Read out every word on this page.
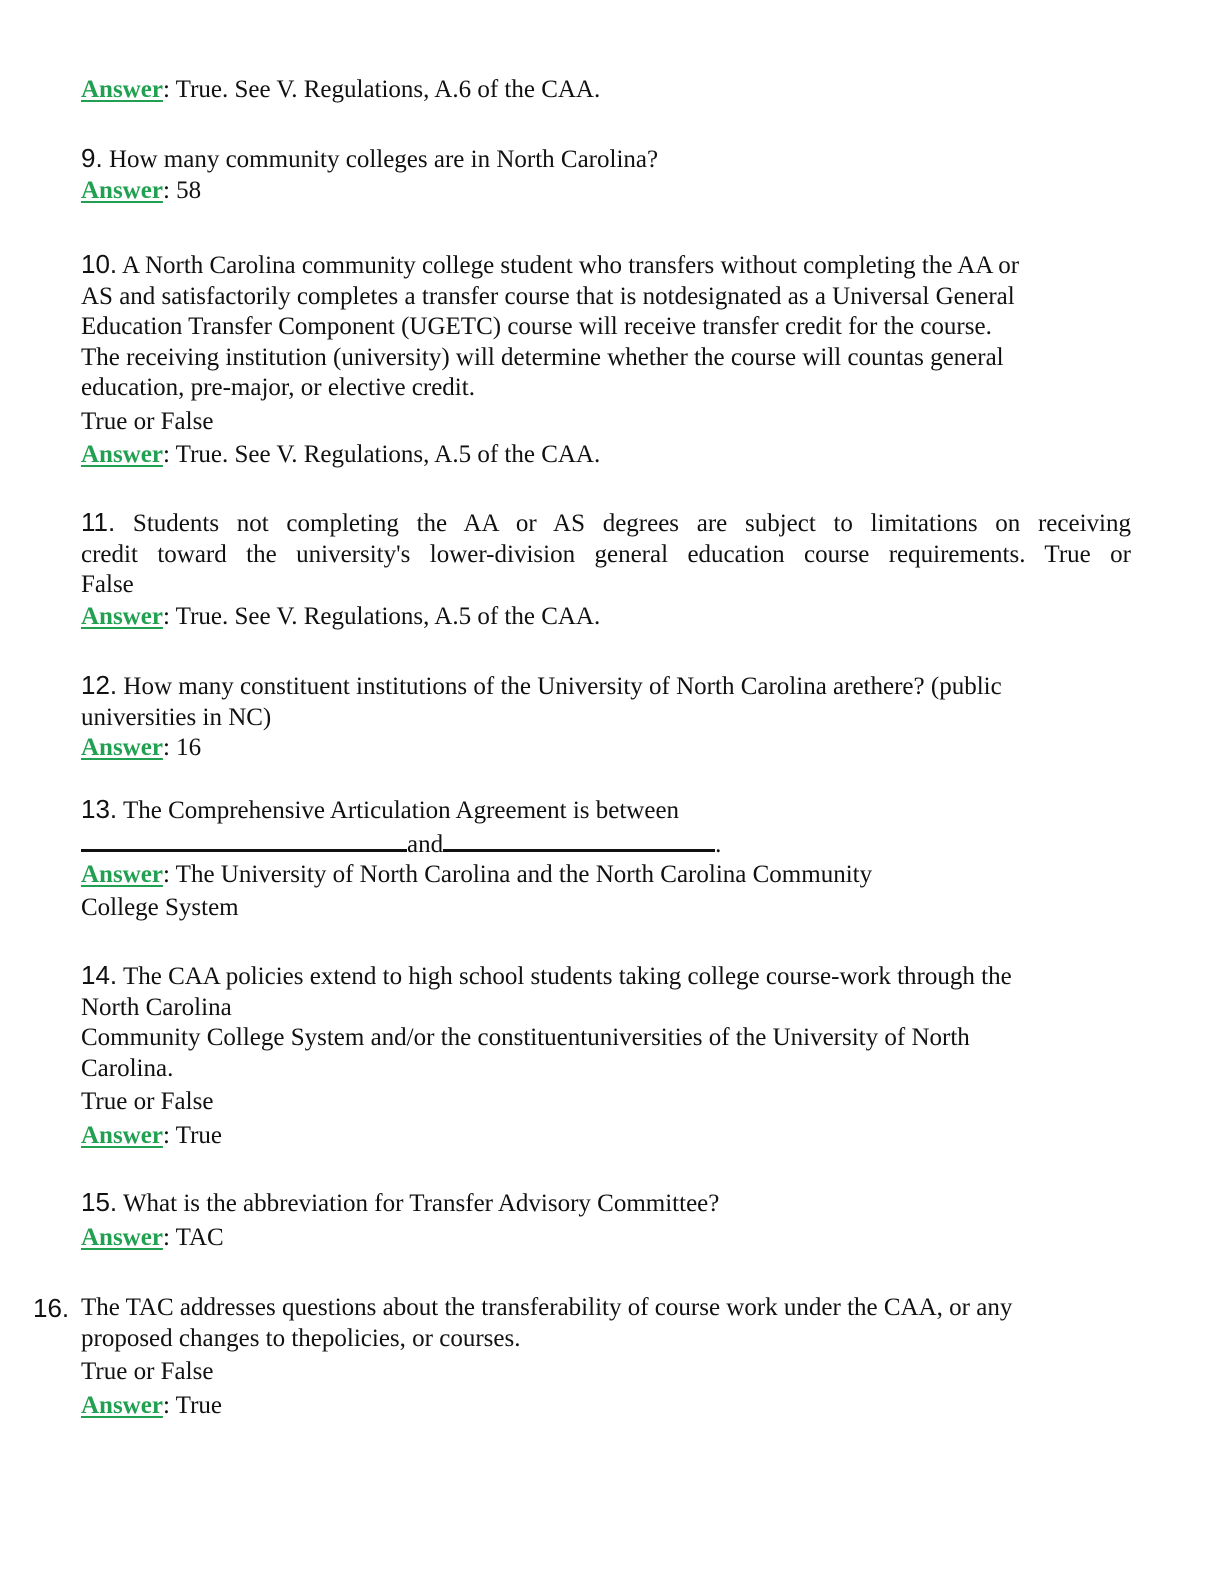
Answer: True. See V. Regulations, A.6 of the CAA.
9. How many community colleges are in North Carolina?
Answer: 58
10. A North Carolina community college student who transfers without completing the AA or
AS and satisfactorily completes a transfer course that is notdesignated as a Universal General
Education Transfer Component (UGETC) course will receive transfer credit for the course.
The receiving institution (university) will determine whether the course will countas general
education, pre-major, or elective credit.
True or False
Answer: True. See V. Regulations, A.5 of the CAA.
11. Students not completing the AA or AS degrees are subject to limitations on receiving
credit toward the university's lower-division general education course requirements. True or
False
Answer: True. See V. Regulations, A.5 of the CAA.
12. How many constituent institutions of the University of North Carolina arethere? (public
universities in NC)
Answer: 16
13. The Comprehensive Articulation Agreement is between
and	.
Answer: The University of North Carolina and the North Carolina Community
College System
14. The CAA policies extend to high school students taking college course-work through the
North Carolina
Community College System and/or the constituentuniversities of the University of North
Carolina.
True or False
Answer: True
15. What is the abbreviation for Transfer Advisory Committee?
Answer: TAC
16. The TAC addresses questions about the transferability of course work under the CAA, or any
proposed changes to thepolicies, or courses.
True or False
Answer: True
